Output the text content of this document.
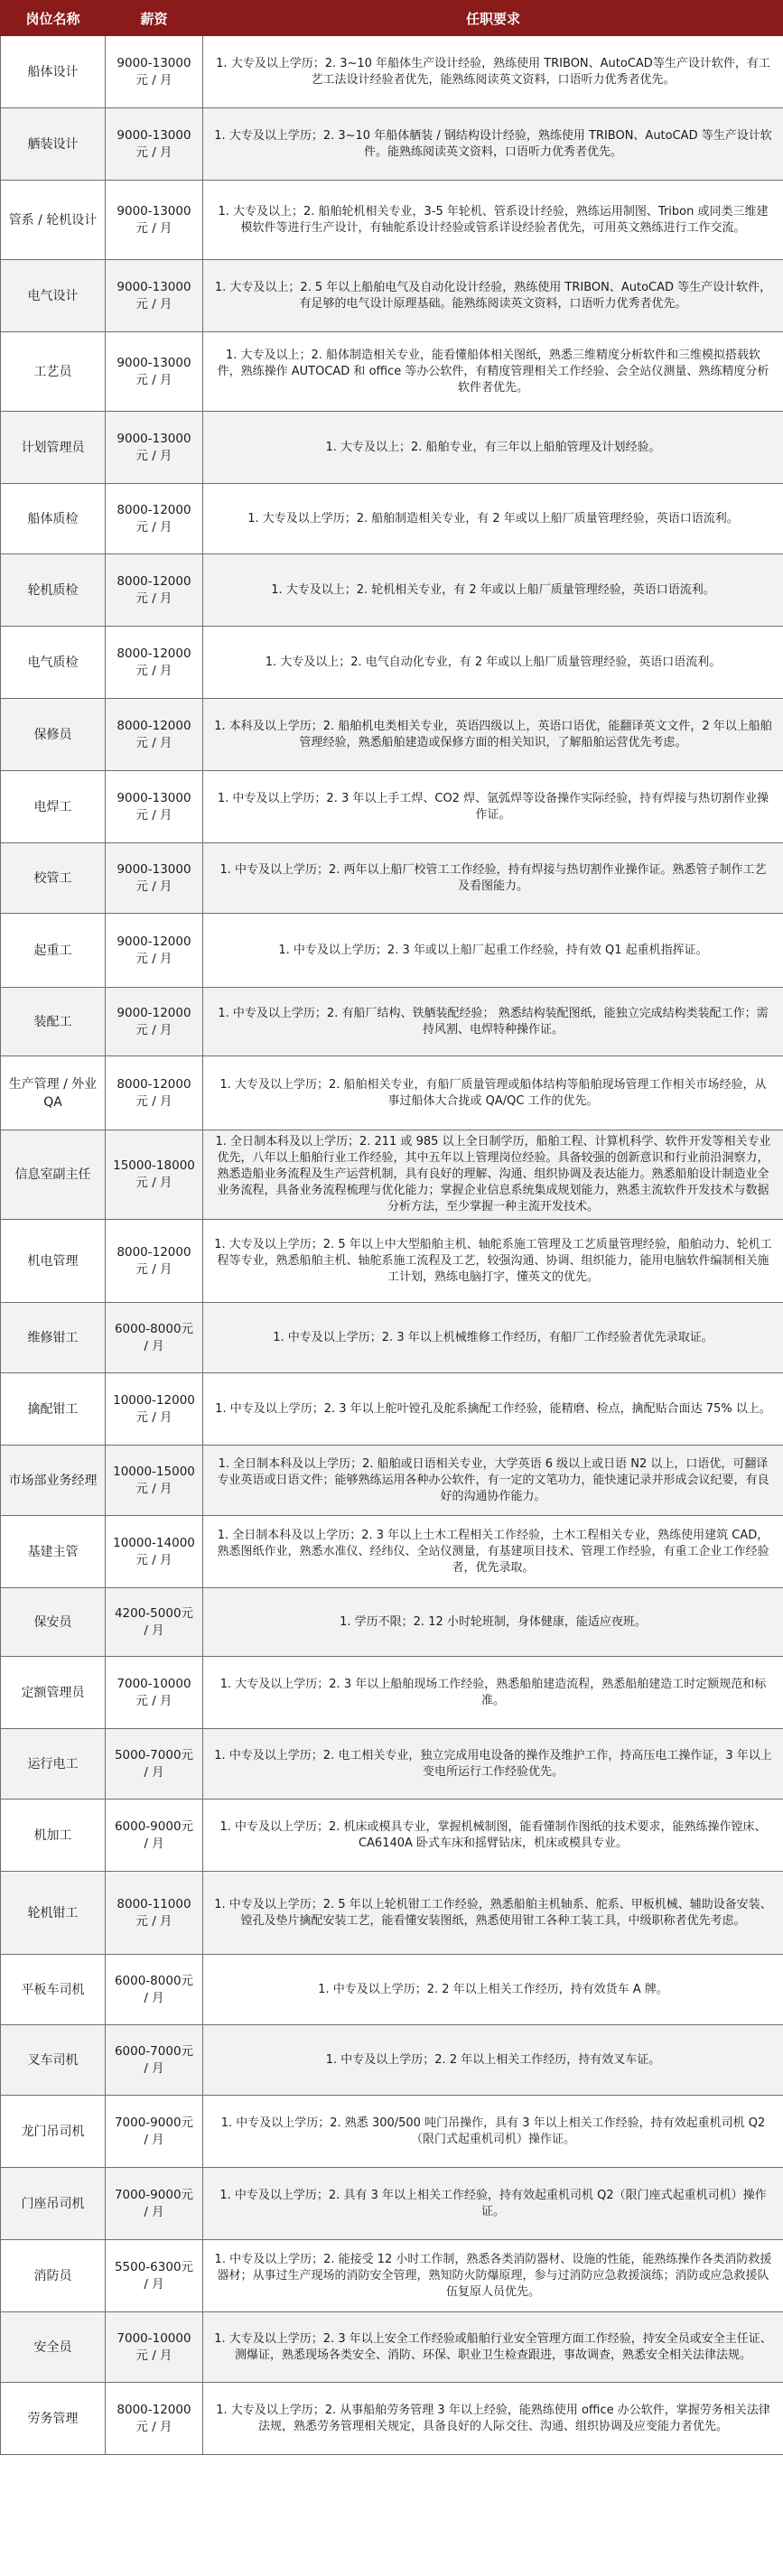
岗位名称	薪资	任职要求
船体设计	9000-13000元 / 月	1. 大专及以上学历；2. 3~10 年船体生产设计经验，熟练使用 TRIBON、AutoCAD等生产设计软件，有工艺工法设计经验者优先，能熟练阅读英文资料，口语听力优秀者优先。
舾装设计	9000-13000元 / 月	1. 大专及以上学历；2. 3~10 年船体舾装 / 钢结构设计经验，熟练使用 TRIBON、AutoCAD 等生产设计软件。能熟练阅读英文资料，口语听力优秀者优先。
管系 / 轮机设计	9000-13000元 / 月	1. 大专及以上；2. 船舶轮机相关专业，3-5 年轮机、管系设计经验，熟练运用制图、Tribon 或同类三维建模软件等进行生产设计，有轴舵系设计经验或管系详设经验者优先，可用英文熟练进行工作交流。
电气设计	9000-13000元 / 月	1. 大专及以上；2. 5 年以上船舶电气及自动化设计经验，熟练使用 TRIBON、AutoCAD 等生产设计软件，有足够的电气设计原理基础。能熟练阅读英文资料，口语听力优秀者优先。
工艺员	9000-13000元 / 月	1. 大专及以上；2. 船体制造相关专业，能看懂船体相关图纸，熟悉三维精度分析软件和三维模拟搭载软件，熟练操作 AUTOCAD 和 office 等办公软件，有精度管理相关工作经验、会全站仪测量、熟练精度分析软件者优先。
计划管理员	9000-13000元 / 月	1. 大专及以上；2. 船舶专业，有三年以上船舶管理及计划经验。
船体质检	8000-12000元 / 月	1. 大专及以上学历；2. 船舶制造相关专业，有 2 年或以上船厂质量管理经验，英语口语流利。
轮机质检	8000-12000元 / 月	1. 大专及以上；2. 轮机相关专业，有 2 年或以上船厂质量管理经验，英语口语流利。
电气质检	8000-12000元 / 月	1. 大专及以上；2. 电气自动化专业，有 2 年或以上船厂质量管理经验，英语口语流利。
保修员	8000-12000元 / 月	1. 本科及以上学历；2. 船舶机电类相关专业，英语四级以上，英语口语优，能翻译英文文件，2 年以上船舶管理经验，熟悉船舶建造或保修方面的相关知识，了解船舶运营优先考虑。
电焊工	9000-13000元 / 月	1. 中专及以上学历；2. 3 年以上手工焊、CO2 焊、氩弧焊等设备操作实际经验，持有焊接与热切割作业操作证。
校管工	9000-13000元 / 月	1. 中专及以上学历；2. 两年以上船厂校管工工作经验，持有焊接与热切割作业操作证。熟悉管子制作工艺及看图能力。
起重工	9000-12000元 / 月	1. 中专及以上学历；2. 3 年或以上船厂起重工作经验，持有效 Q1 起重机指挥证。
装配工	9000-12000元 / 月	1. 中专及以上学历；2. 有船厂结构、铁舾装配经验； 熟悉结构装配图纸，能独立完成结构类装配工作；需持风割、电焊特种操作证。
生产管理 / 外业 QA	8000-12000元 / 月	1. 大专及以上学历；2. 船舶相关专业，有船厂质量管理或船体结构等船舶现场管理工作相关市场经验，从事过船体大合拢或 QA/QC 工作的优先。
信息室副主任	15000-18000元 / 月	1. 全日制本科及以上学历；2. 211 或 985 以上全日制学历，船舶工程、计算机科学、软件开发等相关专业优先，八年以上船舶行业工作经验，其中五年以上管理岗位经验。具备较强的创新意识和行业前沿洞察力，熟悉造船业务流程及生产运营机制，具有良好的理解、沟通、组织协调及表达能力。熟悉船舶设计制造业全业务流程，具备业务流程梳理与优化能力；掌握企业信息系统集成规划能力，熟悉主流软件开发技术与数据分析方法，至少掌握一种主流开发技术。
机电管理	8000-12000元 / 月	1. 大专及以上学历；2. 5 年以上中大型船舶主机、轴舵系施工管理及工艺质量管理经验，船舶动力、轮机工程等专业，熟悉船舶主机、轴舵系施工流程及工艺，较强沟通、协调、组织能力，能用电脑软件编制相关施工计划，熟练电脑打字，懂英文的优先。
维修钳工	6000-8000元 / 月	1. 中专及以上学历；2. 3 年以上机械维修工作经历，有船厂工作经验者优先录取证。
擒配钳工	10000-12000元 / 月	1. 中专及以上学历；2. 3 年以上舵叶镗孔及舵系擒配工作经验，能精磨、检点，擒配贴合面达 75% 以上。
市场部业务经理	10000-15000元 / 月	1. 全日制本科及以上学历；2. 船舶或日语相关专业，大学英语 6 级以上或日语 N2 以上，口语优，可翻译专业英语或日语文件；能够熟练运用各种办公软件，有一定的文笔功力，能快速记录并形成会议纪要，有良好的沟通协作能力。
基建主管	10000-14000元 / 月	1. 全日制本科及以上学历；2. 3 年以上土木工程相关工作经验，土木工程相关专业，熟练使用建筑 CAD，熟悉图纸作业，熟悉水准仪、经纬仪、全站仪测量，有基建项目技术、管理工作经验，有重工企业工作经验者，优先录取。
保安员	4200-5000元 / 月	1. 学历不限；2. 12 小时轮班制，身体健康，能适应夜班。
定额管理员	7000-10000元 / 月	1. 大专及以上学历；2. 3 年以上船舶现场工作经验，熟悉船舶建造流程，熟悉船舶建造工时定额规范和标准。
运行电工	5000-7000元 / 月	1. 中专及以上学历；2. 电工相关专业，独立完成用电设备的操作及维护工作，持高压电工操作证，3 年以上变电所运行工作经验优先。
机加工	6000-9000元 / 月	1. 中专及以上学历；2. 机床或模具专业，掌握机械制图，能看懂制作图纸的技术要求，能熟练操作镗床、CA6140A 卧式车床和摇臂钻床，机床或模具专业。
轮机钳工	8000-11000元 / 月	1. 中专及以上学历；2. 5 年以上轮机钳工工作经验，熟悉船舶主机轴系、舵系、甲板机械、辅助设备安装、镗孔及垫片擒配安装工艺，能看懂安装图纸，熟悉使用钳工各种工装工具，中级职称者优先考虑。
平板车司机	6000-8000元 / 月	1. 中专及以上学历；2. 2 年以上相关工作经历，持有效货车 A 牌。
叉车司机	6000-7000元 / 月	1. 中专及以上学历；2. 2 年以上相关工作经历，持有效叉车证。
龙门吊司机	7000-9000元 / 月	1. 中专及以上学历；2. 熟悉 300/500 吨门吊操作，具有 3 年以上相关工作经验，持有效起重机司机 Q2（限门式起重机司机）操作证。
门座吊司机	7000-9000元 / 月	1. 中专及以上学历；2. 具有 3 年以上相关工作经验，持有效起重机司机 Q2（限门座式起重机司机）操作证。
消防员	5500-6300元 / 月	1. 中专及以上学历；2. 能接受 12 小时工作制，熟悉各类消防器材、设施的性能，能熟练操作各类消防救援器材；从事过生产现场的消防安全管理，熟知防火防爆原理，参与过消防应急救援演练；消防或应急救援队伍复原人员优先。
安全员	7000-10000元 / 月	1. 大专及以上学历；2. 3 年以上安全工作经验或船舶行业安全管理方面工作经验，持安全员或安全主任证、测爆证，熟悉现场各类安全、消防、环保、职业卫生检查跟进，事故调查，熟悉安全相关法律法规。
劳务管理	8000-12000元 / 月	1. 大专及以上学历；2. 从事船舶劳务管理 3 年以上经验，能熟练使用 office 办公软件，掌握劳务相关法律法规，熟悉劳务管理相关规定，具备良好的人际交往、沟通、组织协调及应变能力者优先。
